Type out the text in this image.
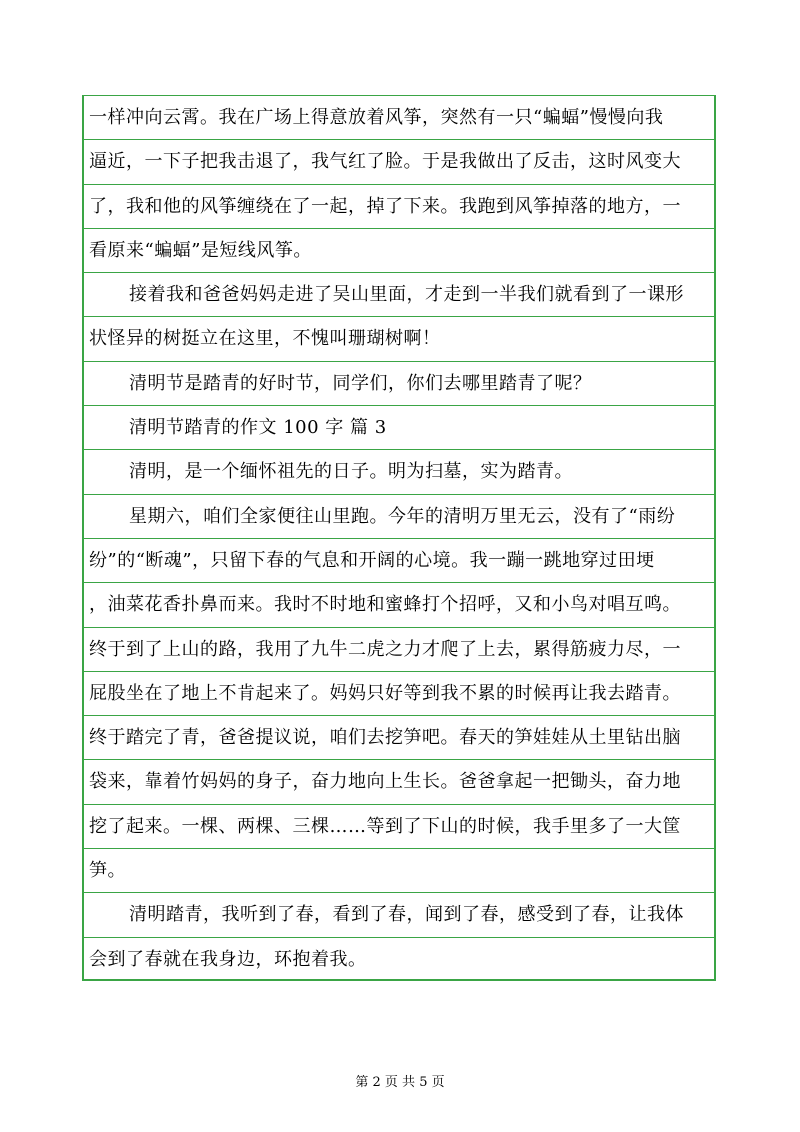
一样冲向云霄。我在广场上得意放着风筝，突然有一只“蝙蝠”慢慢向我
逼近，一下子把我击退了，我气红了脸。于是我做出了反击，这时风变大
了，我和他的风筝缠绕在了一起，掉了下来。我跑到风筝掉落的地方，一
看原来“蝙蝠”是短线风筝。
接着我和爸爸妈妈走进了吴山里面，才走到一半我们就看到了一课形
状怪异的树挺立在这里，不愧叫珊瑚树啊！
清明节是踏青的好时节，同学们，你们去哪里踏青了呢？
清明节踏青的作文 100 字 篇 3
清明，是一个缅怀祖先的日子。明为扫墓，实为踏青。
星期六，咱们全家便往山里跑。今年的清明万里无云，没有了“雨纷
纷”的“断魂”，只留下春的气息和开阔的心境。我一蹦一跳地穿过田埂
，油菜花香扑鼻而来。我时不时地和蜜蜂打个招呼，又和小鸟对唱互鸣。
终于到了上山的路，我用了九牛二虎之力才爬了上去，累得筋疲力尽，一
屁股坐在了地上不肯起来了。妈妈只好等到我不累的时候再让我去踏青。
终于踏完了青，爸爸提议说，咱们去挖笋吧。春天的笋娃娃从土里钻出脑
袋来，靠着竹妈妈的身子，奋力地向上生长。爸爸拿起一把锄头，奋力地
挖了起来。一棵、两棵、三棵……等到了下山的时候，我手里多了一大筐
笋。
清明踏青，我听到了春，看到了春，闻到了春，感受到了春，让我体
会到了春就在我身边，环抱着我。
第 2 页 共 5 页
